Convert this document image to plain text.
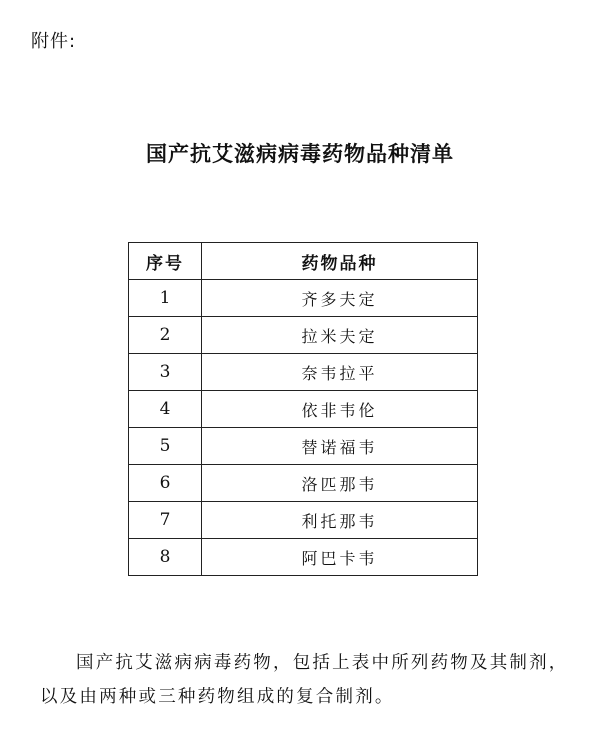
附件:
国产抗艾滋病病毒药物品种清单
序号	药物品种
1	齐多夫定
2	拉米夫定
3	奈韦拉平
4	依非韦伦
5	替诺福韦
6	洛匹那韦
7	利托那韦
8	阿巴卡韦
国产抗艾滋病病毒药物，包括上表中所列药物及其制剂，以及由两种或三种药物组成的复合制剂。
